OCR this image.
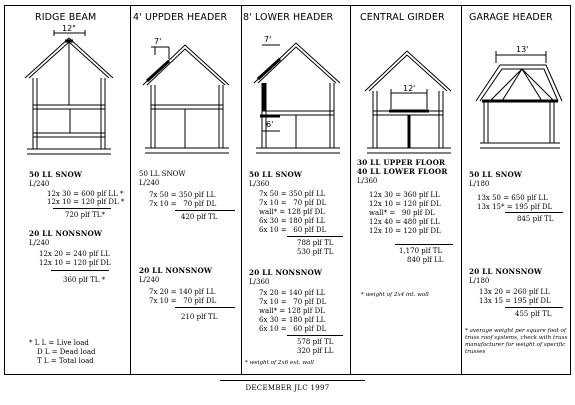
RIDGE BEAM	4' UPPDER HEADER 8' LOWER HEADER	CENTRAL GIRDER	GARAGE HEADER
12"
7'	7'
6'
12'
13'
50 LL SNOW
L/240
12x 30 = 600 plf LL *
12x 10 = 120 plf DL *
720 plf TL*
20 LL NONSNOW
L/240
12x 20 = 240 plf LL
12x 10 = 120 plf DL
360 plf TL *
* L L = Live load
D L = Dead load
T L = Total load
50 LL SNOW
L/240
7x 50 = 350 plf LL
7x 10 =   70 plf DL
420 plf TL
20 LL NONSNOW
L/240
7x 20 = 140 plf LL
7x 10 =   70 plf DL
210 plf TL
50 LL SNOW
L/360
7x 50 = 350 plf LL
7x 10 =   70 plf DL
wall* = 128 plf DL
6x 30 = 180 plf LL
6x 10 =   60 plf DL
788 plf TL
530 plf TL
20 LL NONSNOW
L/360
7x 20 = 140 plf LL
7x 10 =   70 plf DL
wall* = 128 plf DL
6x 30 = 180 plf LL
6x 10 =   60 plf DL
578 plf TL
320 plf LL
* weight of 2x6 ext. wall
30 LL UPPER FLOOR
40 LL LOWER FLOOR
L/360
12x 30 = 360 plf LL
12x 10 = 120 plf DL
wall* =   90 plf DL
12x 40 = 480 plf LL
12x 10 = 120 plf DL
1,170 plf TL
840 plf LL
* weight of 2x4 int. wall
50 LL SNOW
L/180
13x 50 = 650 plf LL
13x 15* = 195 plf DL
845 plf TL
20 LL NONSNOW
L/180
13x 20 = 260 plf LL
13x 15 = 195 plf DL
455 plf TL
* average weight per square foot of truss roof systems, check with truss manufacturer for weight of specific trusses
DECEMBER JLC 1997
